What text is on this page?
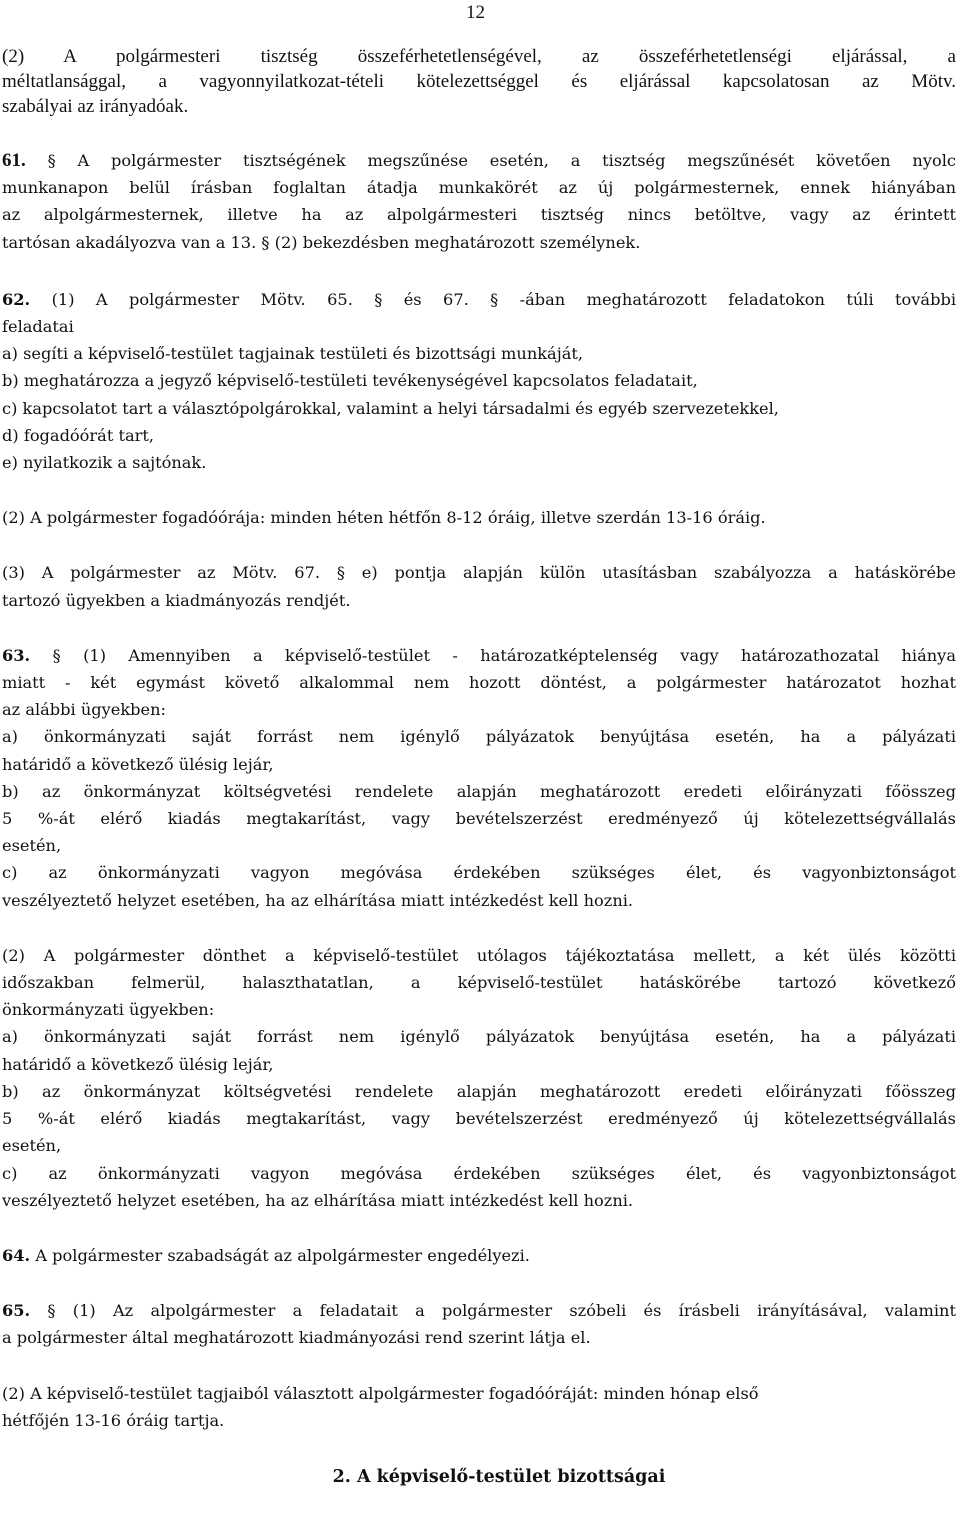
12

(2) A polgármesteri tisztség összeférhetetlenségével, az összeférhetetlenségi eljárással, a

méltatlansággal, a vagyonnyilatkozat-tételi kötelezettséggel és eljárással kapcsolatosan az Mötv.

szabályai az irányadóak.

61. § A polgármester tisztségének megszűnése esetén, a tisztség megszűnését követően nyolc

munkanapon belül írásban foglaltan átadja munkakörét az új polgármesternek, ennek hiányában

az alpolgármesternek, illetve ha az alpolgármesteri tisztség nincs betöltve, vagy az érintett

tartósan akadályozva van a 13. § (2) bekezdésben meghatározott személynek.

62. (1) A polgármester Mötv. 65. § és 67. § -ában meghatározott feladatokon túli további

feladatai

a) segíti a képviselő-testület tagjainak testületi és bizottsági munkáját,

b) meghatározza a jegyző képviselő-testületi tevékenységével kapcsolatos feladatait,

c) kapcsolatot tart a választópolgárokkal, valamint a helyi társadalmi és egyéb szervezetekkel,

d) fogadóórát tart,

e) nyilatkozik a sajtónak.

(2) A polgármester fogadóórája: minden héten hétfőn 8-12 óráig, illetve szerdán 13-16 óráig.

(3) A polgármester az Mötv. 67. § e) pontja alapján külön utasításban szabályozza a hatáskörébe

tartozó ügyekben a kiadmányozás rendjét.

63. § (1) Amennyiben a képviselő-testület - határozatképtelenség vagy határozathozatal hiánya

miatt - két egymást követő alkalommal nem hozott döntést, a polgármester határozatot hozhat

az alábbi ügyekben:

a) önkormányzati saját forrást nem igénylő pályázatok benyújtása esetén, ha a pályázati

határidő a következő ülésig lejár,

b) az önkormányzat költségvetési rendelete alapján meghatározott eredeti előirányzati főösszeg

5 %-át elérő kiadás megtakarítást, vagy bevételszerzést eredményező új kötelezettségvállalás

esetén,

c) az önkormányzati vagyon megóvása érdekében szükséges élet, és vagyonbiztonságot

veszélyeztető helyzet esetében, ha az elhárítása miatt intézkedést kell hozni.

(2) A polgármester dönthet a képviselő-testület utólagos tájékoztatása mellett, a két ülés közötti

időszakban felmerül, halaszthatatlan, a képviselő-testület hatáskörébe tartozó következő

önkormányzati ügyekben:

a) önkormányzati saját forrást nem igénylő pályázatok benyújtása esetén, ha a pályázati

határidő a következő ülésig lejár,

b) az önkormányzat költségvetési rendelete alapján meghatározott eredeti előirányzati főösszeg

5 %-át elérő kiadás megtakarítást, vagy bevételszerzést eredményező új kötelezettségvállalás

esetén,

c) az önkormányzati vagyon megóvása érdekében szükséges élet, és vagyonbiztonságot

veszélyeztető helyzet esetében, ha az elhárítása miatt intézkedést kell hozni.

64. A polgármester szabadságát az alpolgármester engedélyezi.

65. § (1) Az alpolgármester a feladatait a polgármester szóbeli és írásbeli irányításával, valamint

a polgármester által meghatározott kiadmányozási rend szerint látja el.

(2) A képviselő-testület tagjaiból választott alpolgármester fogadóóráját: minden hónap első

hétfőjén 13-16 óráig tartja.

2. A képviselő-testület bizottságai
